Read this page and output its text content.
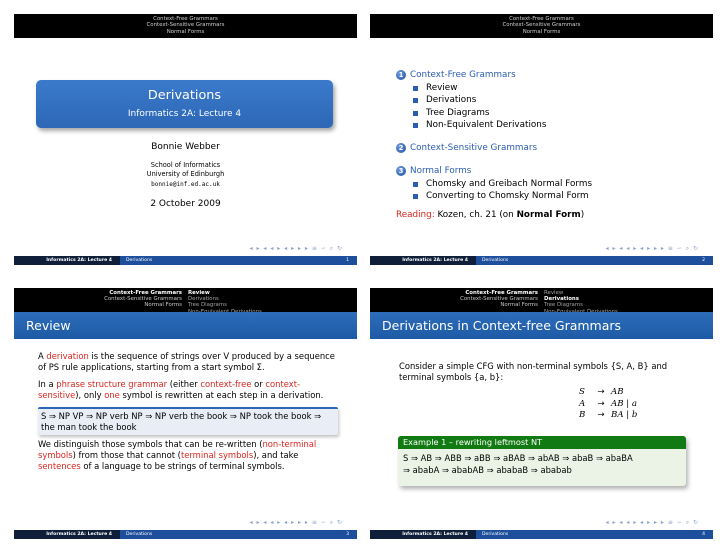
Context-Free Grammars
Context-Sensitive Grammars
Normal Forms
Derivations
Informatics 2A: Lecture 4
Bonnie Webber
School of Informatics
University of Edinburgh
bonnie@inf.ed.ac.uk
2 October 2009
◂ ▸ ◂ ◂ ▸ ◂ ▸ ▸ ▸ ≡ ∽ ⌕ ↻
Informatics 2A: Lecture 4	Derivations	1
Context-Free Grammars
Context-Sensitive Grammars
Normal Forms
1 Context-Free Grammars
Review
Derivations
Tree Diagrams
Non-Equivalent Derivations
2 Context-Sensitive Grammars
3 Normal Forms
Chomsky and Greibach Normal Forms
Converting to Chomsky Normal Form
Reading: Kozen, ch. 21 (on Normal Form)
◂ ▸ ◂ ◂ ▸ ◂ ▸ ▸ ▸ ≡ ∽ ⌕ ↻
Informatics 2A: Lecture 4	Derivations	2
Context-Free Grammars
Context-Sensitive Grammars
Normal Forms
Review
Derivations
Tree Diagrams
Review

A derivation is the sequence of strings over V produced by a sequence of PS rule applications, starting from a start symbol Σ.

In a phrase structure grammar (either context-free or context-sensitive), only one symbol is rewritten at each step in a derivation.

S ⇒ NP VP ⇒ NP verb NP ⇒ NP verb the book ⇒ NP took the book ⇒ the man took the book

We distinguish those symbols that can be re-written (non-terminal symbols) from those that cannot (terminal symbols), and take sentences of a language to be strings of terminal symbols.

◂ ▸ ◂ ◂ ▸ ◂ ▸ ▸ ▸ ≡ ∽ ⌕ ↻
Informatics 2A: Lecture 4	Derivations	3
Context-Free Grammars
Context-Sensitive Grammars
Normal Forms
Review
Derivations
Tree Diagrams
Derivations in Context-free Grammars
Consider a simple CFG with non-terminal symbols {S, A, B} and terminal symbols {a, b}:
S → AB
A → AB | a
B → BA | b
Example 1 – rewriting leftmost NT
S ⇒ AB ⇒ ABB ⇒ aBB ⇒ aBAB ⇒ abAB ⇒ abaB ⇒ abaBA
⇒ ababA ⇒ ababAB ⇒ ababaB ⇒ ababab
◂ ▸ ◂ ◂ ▸ ◂ ▸ ▸ ▸ ≡ ∽ ⌕ ↻
Informatics 2A: Lecture 4	Derivations	4
